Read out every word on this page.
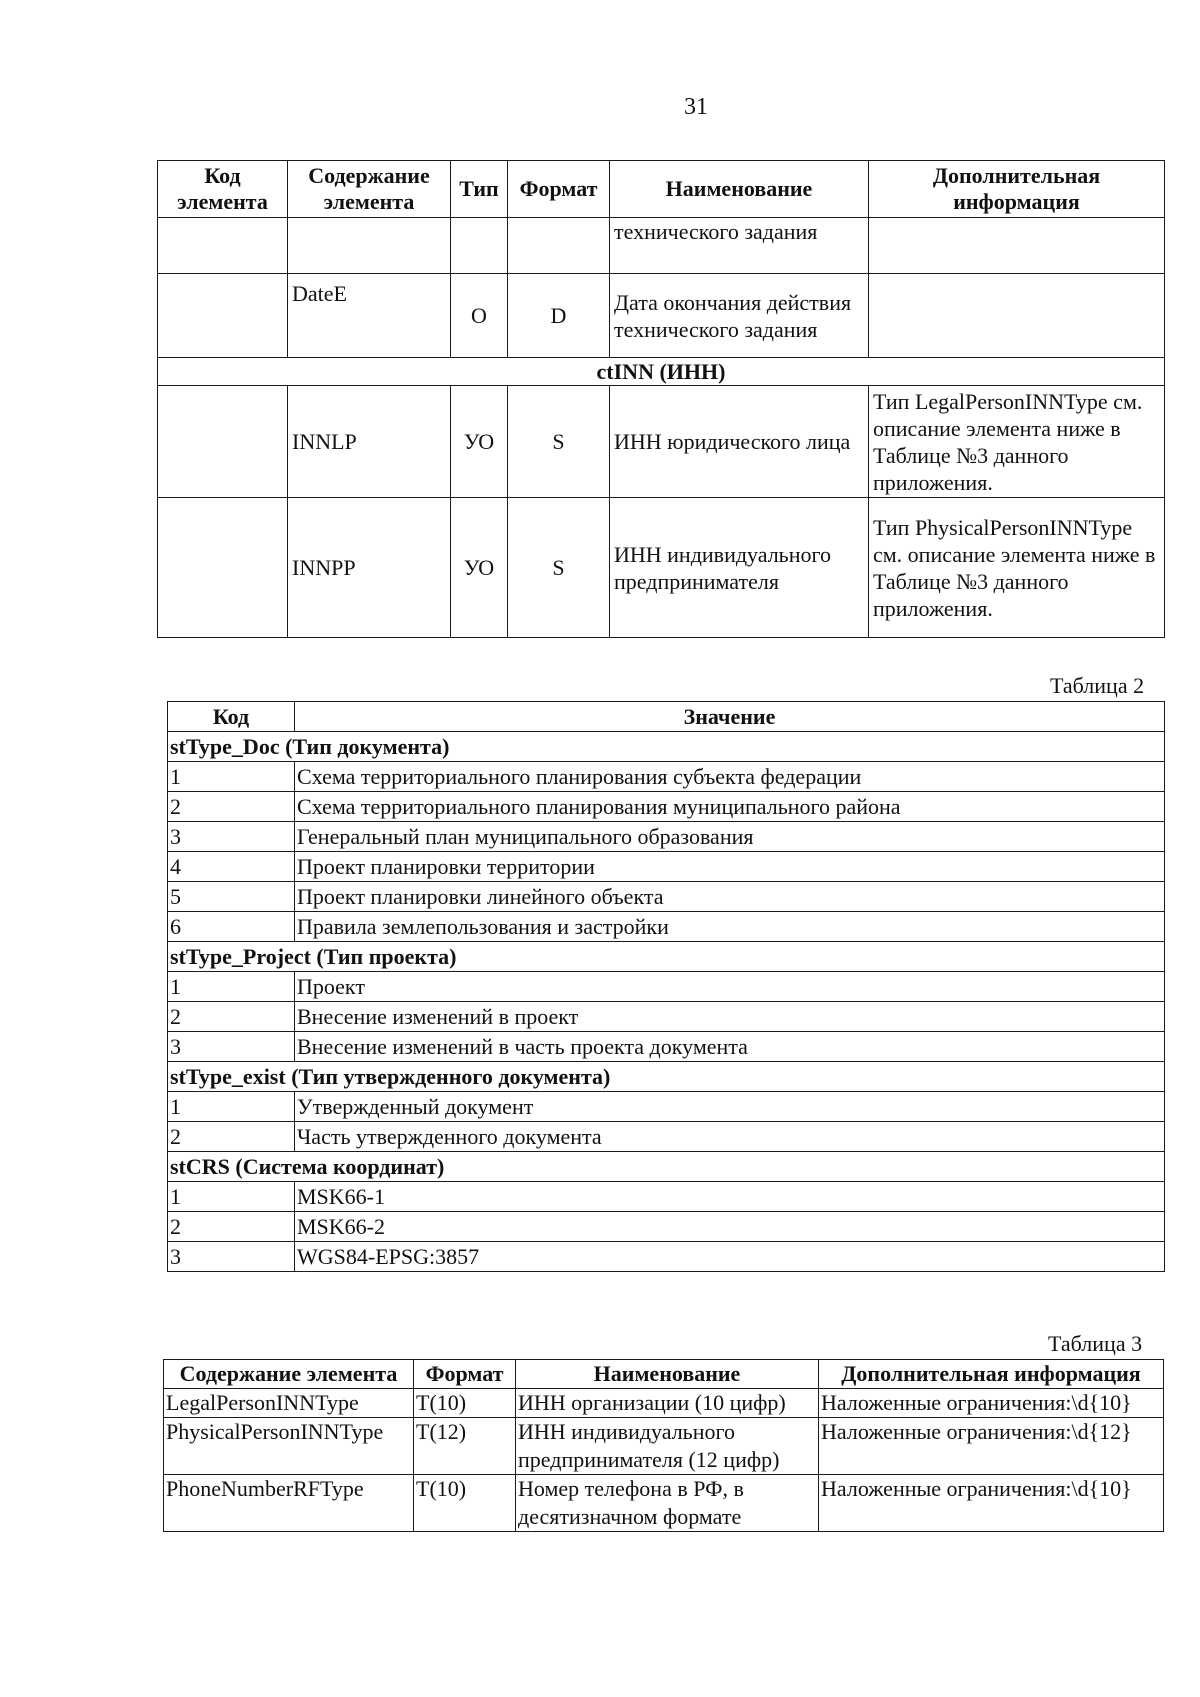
31
Код элемента	Содержание элемента	Тип	Формат	Наименование	Дополнительная информация
				технического задания	
	DateE	О	D	Дата окончания действия технического задания	
ctINN (ИНН)					
	INNLP	УО	S	ИНН юридического лица	Тип LegalPersonINNType см. описание элемента ниже в Таблице №3 данного приложения.
	INNPP	УО	S	ИНН индивидуального предпринимателя	Тип PhysicalPersonINNType см. описание элемента ниже в Таблице №3 данного приложения.
Таблица 2
Код	Значение
stType_Doc (Тип документа)	
1	Схема территориального планирования субъекта федерации
2	Схема территориального планирования муниципального района
3	Генеральный план муниципального образования
4	Проект планировки территории
5	Проект планировки линейного объекта
6	Правила землепользования и застройки
stType_Project (Тип проекта)	
1	Проект
2	Внесение изменений в проект
3	Внесение изменений в часть проекта документа
stType_exist (Тип утвержденного документа)	
1	Утвержденный документ
2	Часть утвержденного документа
stCRS (Система координат)	
1	MSK66-1
2	MSK66-2
3	WGS84-EPSG:3857
Таблица 3
Содержание элемента	Формат	Наименование	Дополнительная информация
LegalPersonINNType	T(10)	ИНН организации (10 цифр)	Наложенные ограничения:\d{10}
PhysicalPersonINNType	T(12)	ИНН индивидуального предпринимателя (12 цифр)	Наложенные ограничения:\d{12}
PhoneNumberRFType	T(10)	Номер телефона в РФ, в десятизначном формате	Наложенные ограничения:\d{10}
